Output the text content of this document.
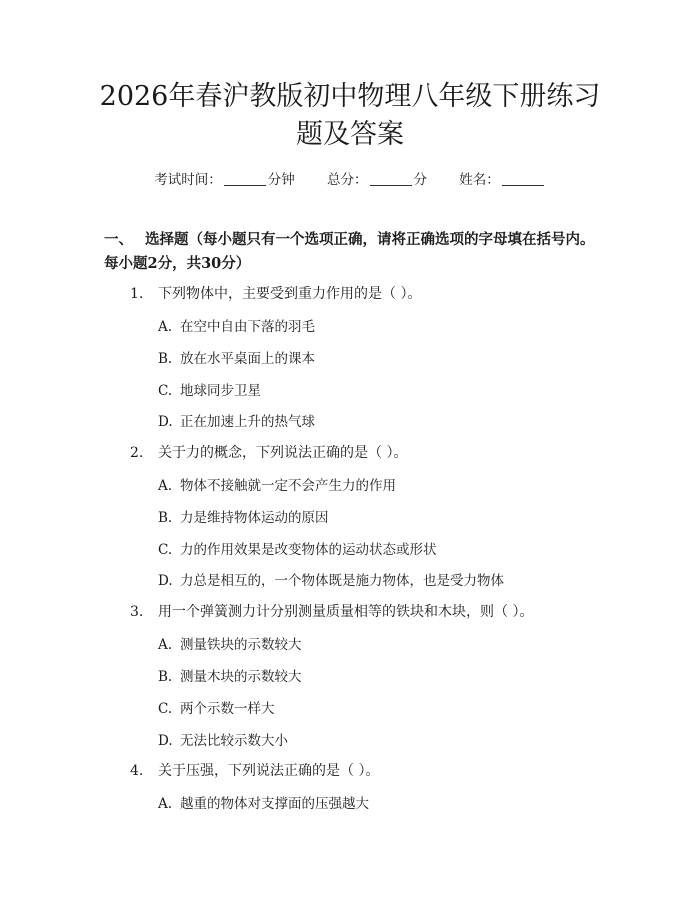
2026年春沪教版初中物理八年级下册练习题及答案
考试时间：	分钟 总分：	分 姓名：
一、 选择题（每小题只有一个选项正确，请将正确选项的字母填在括号内。每小题2分，共30分）
1. 下列物体中，主要受到重力作用的是（ ）。
A. 在空中自由下落的羽毛
B. 放在水平桌面上的课本
C. 地球同步卫星
D. 正在加速上升的热气球
2. 关于力的概念，下列说法正确的是（ ）。
A. 物体不接触就一定不会产生力的作用
B. 力是维持物体运动的原因
C. 力的作用效果是改变物体的运动状态或形状
D. 力总是相互的，一个物体既是施力物体，也是受力物体
3. 用一个弹簧测力计分别测量质量相等的铁块和木块，则（ ）。
A. 测量铁块的示数较大
B. 测量木块的示数较大
C. 两个示数一样大
D. 无法比较示数大小
4. 关于压强，下列说法正确的是（ ）。
A. 越重的物体对支撑面的压强越大
